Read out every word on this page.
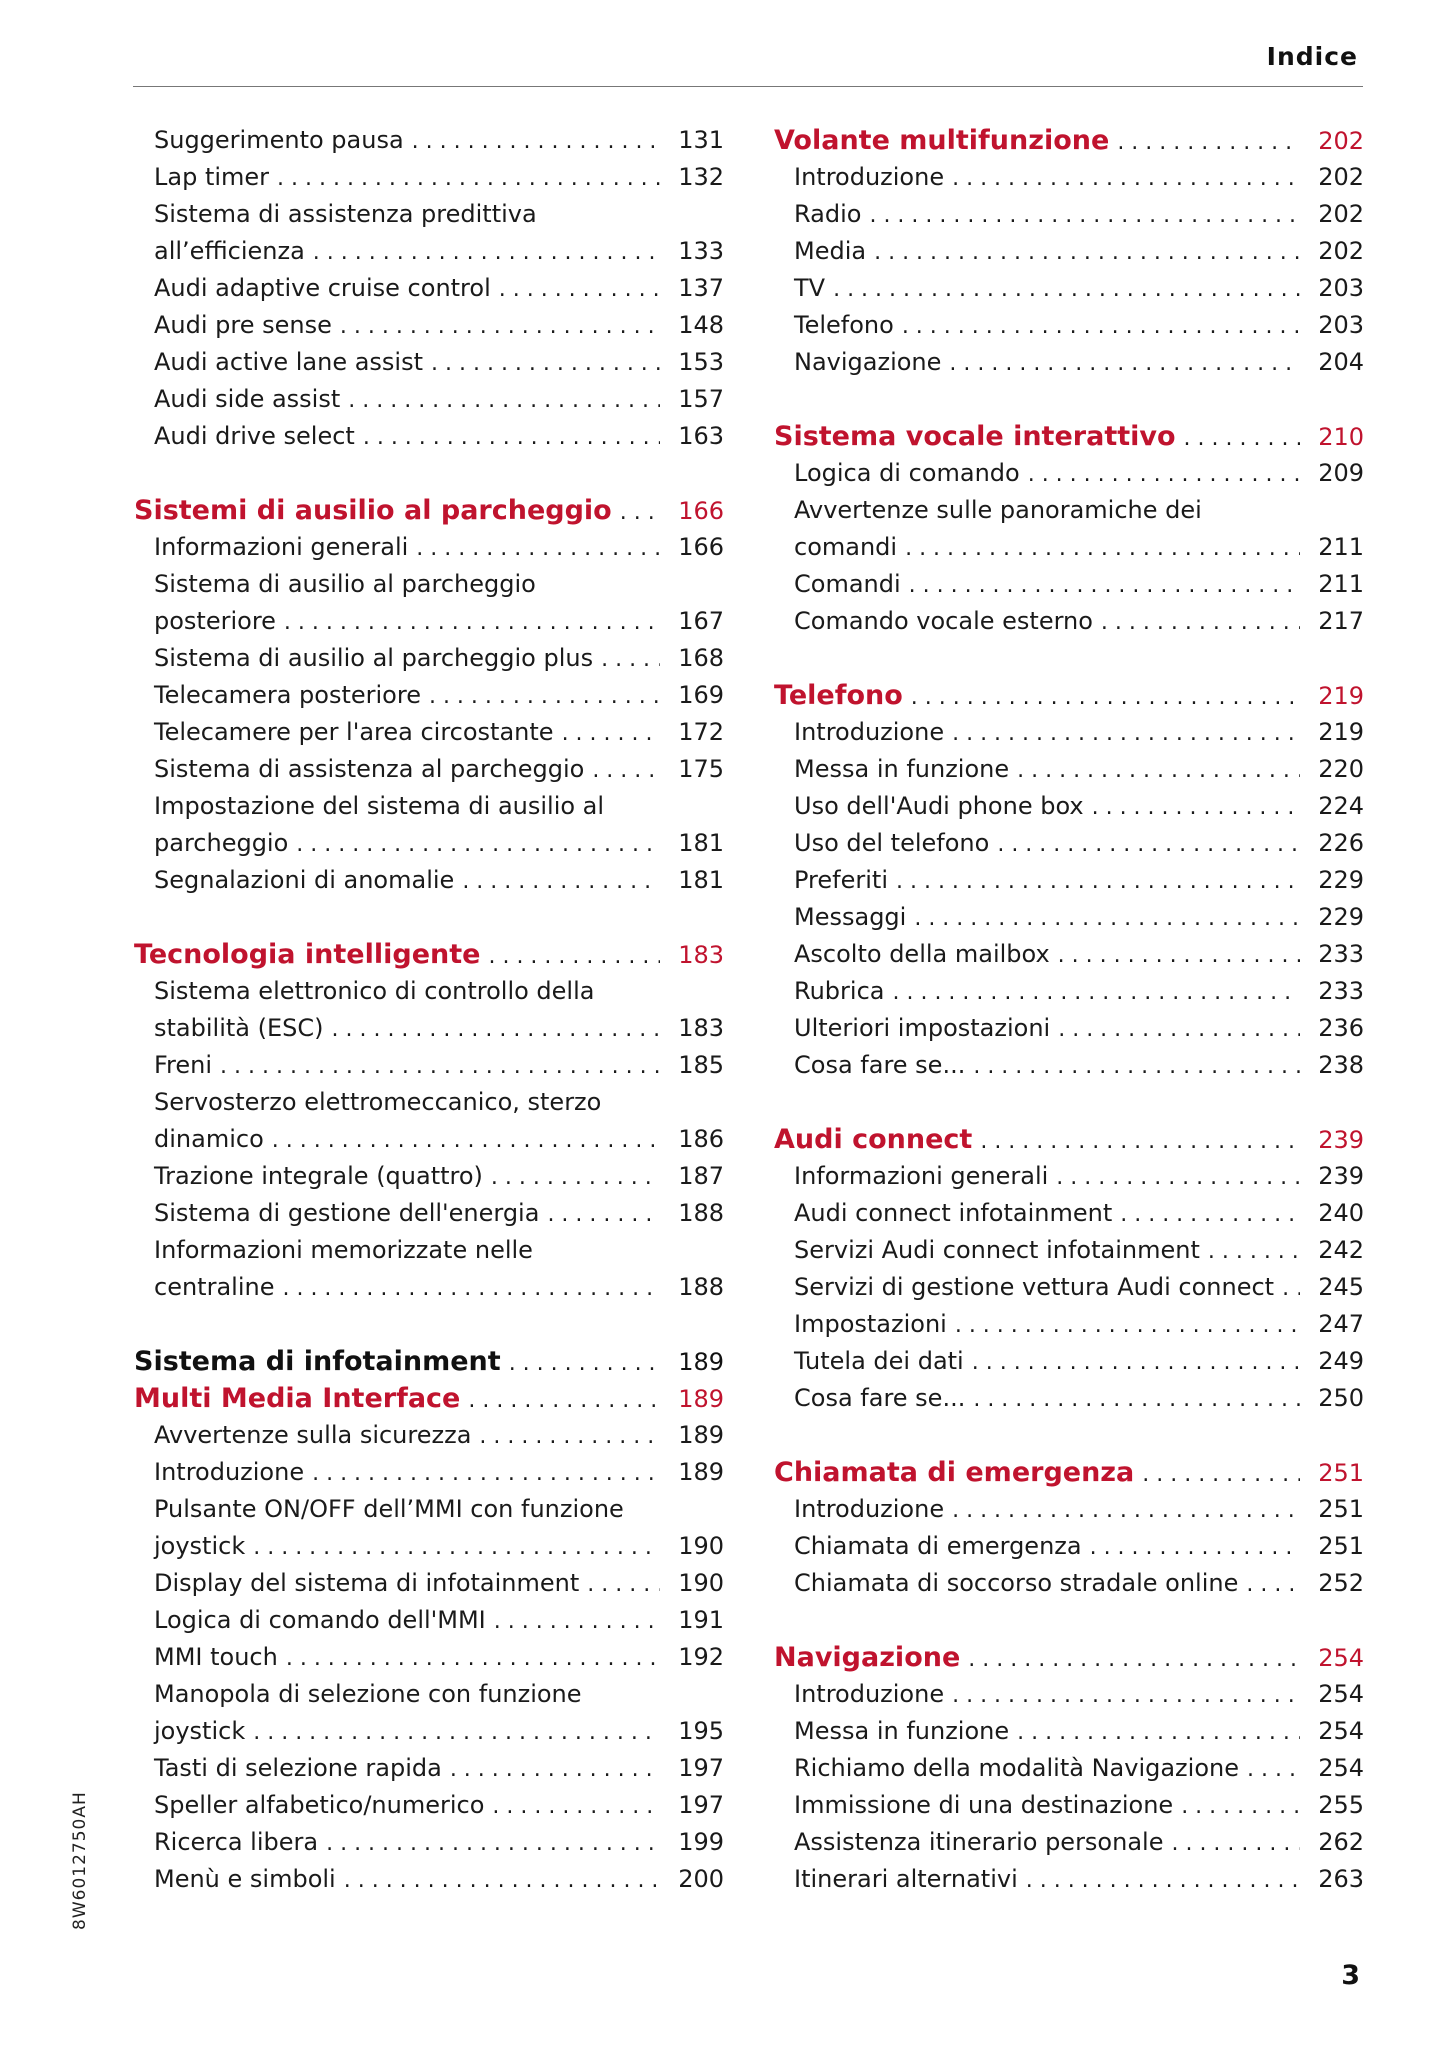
Indice
Suggerimento pausa . . .	131
Lap timer . . .	132
Sistema di assistenza predittiva
all’efficienza . . .	133
Audi adaptive cruise control . . .	137
Audi pre sense . . .	148
Audi active lane assist . . .	153
Audi side assist . . .	157
Audi drive select . . .	163
Sistemi di ausilio al parcheggio . . .	166
Informazioni generali . . .	166
Sistema di ausilio al parcheggio
posteriore . . .	167
Sistema di ausilio al parcheggio plus . . .	168
Telecamera posteriore . . .	169
Telecamere per l'area circostante . . .	172
Sistema di assistenza al parcheggio . . .	175
Impostazione del sistema di ausilio al
parcheggio . . .	181
Segnalazioni di anomalie . . .	181
Tecnologia intelligente . . .	183
Sistema elettronico di controllo della
stabilità (ESC) . . .	183
Freni . . .	185
Servosterzo elettromeccanico, sterzo
dinamico . . .	186
Trazione integrale (quattro) . . .	187
Sistema di gestione dell'energia . . .	188
Informazioni memorizzate nelle
centraline . . .	188
Sistema di infotainment . . .	189
Multi Media Interface . . .	189
Avvertenze sulla sicurezza . . .	189
Introduzione . . .	189
Pulsante ON/OFF dell’MMI con funzione
joystick . . .	190
Display del sistema di infotainment . . .	190
Logica di comando dell'MMI . . .	191
MMI touch . . .	192
Manopola di selezione con funzione
joystick . . .	195
Tasti di selezione rapida . . .	197
Speller alfabetico/numerico . . .	197
Ricerca libera . . .	199
Menù e simboli . . .	200
Volante multifunzione . . .	202
Introduzione . . .	202
Radio . . .	202
Media . . .	202
TV . . .	203
Telefono . . .	203
Navigazione . . .	204
Sistema vocale interattivo . . .	210
Logica di comando . . .	209
Avvertenze sulle panoramiche dei
comandi . . .	211
Comandi . . .	211
Comando vocale esterno . . .	217
Telefono . . .	219
Introduzione . . .	219
Messa in funzione . . .	220
Uso dell'Audi phone box . . .	224
Uso del telefono . . .	226
Preferiti . . .	229
Messaggi . . .	229
Ascolto della mailbox . . .	233
Rubrica . . .	233
Ulteriori impostazioni . . .	236
Cosa fare se... . . .	238
Audi connect . . .	239
Informazioni generali . . .	239
Audi connect infotainment . . .	240
Servizi Audi connect infotainment . . .	242
Servizi di gestione vettura Audi connect . . .	245
Impostazioni . . .	247
Tutela dei dati . . .	249
Cosa fare se... . . .	250
Chiamata di emergenza . . .	251
Introduzione . . .	251
Chiamata di emergenza . . .	251
Chiamata di soccorso stradale online . . .	252
Navigazione . . .	254
Introduzione . . .	254
Messa in funzione . . .	254
Richiamo della modalità Navigazione . . .	254
Immissione di una destinazione . . .	255
Assistenza itinerario personale . . .	262
Itinerari alternativi . . .	263
8W6012750AH
3
